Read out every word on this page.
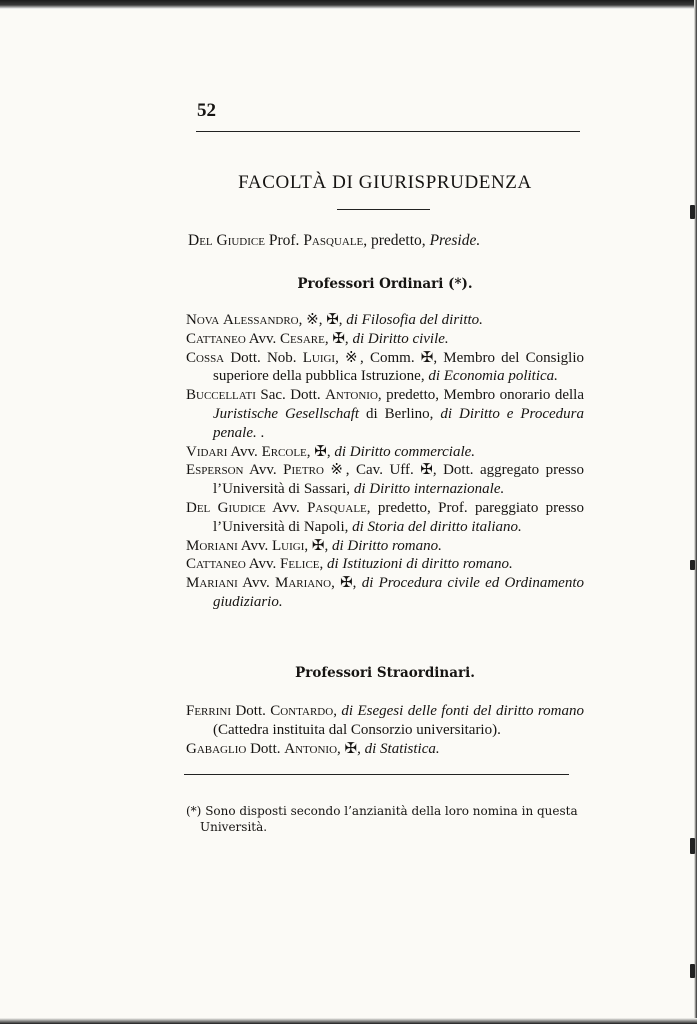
52
FACOLTÀ DI GIURISPRUDENZA
Del Giudice Prof. Pasquale, predetto, Preside.
Professori Ordinari (*).
Nova Alessandro, ※, ✠, di Filosofia del diritto.
Cattaneo Avv. Cesare, ✠, di Diritto civile.
Cossa Dott. Nob. Luigi, ※, Comm. ✠, Membro del Consiglio superiore della pubblica Istruzione, di Economia politica.
Buccellati Sac. Dott. Antonio, predetto, Membro onorario della Juristische Gesellschaft di Berlino, di Diritto e Procedura penale. .
Vidari Avv. Ercole, ✠, di Diritto commerciale.
Esperson Avv. Pietro ※, Cav. Uff. ✠, Dott. aggregato presso l’Università di Sassari, di Diritto internazionale.
Del Giudice Avv. Pasquale, predetto, Prof. pareggiato presso l’Università di Napoli, di Storia del diritto italiano.
Moriani Avv. Luigi, ✠, di Diritto romano.
Cattaneo Avv. Felice, di Istituzioni di diritto romano.
Mariani Avv. Mariano, ✠, di Procedura civile ed Ordinamento giudiziario.
Professori Straordinari.
Ferrini Dott. Contardo, di Esegesi delle fonti del diritto romano (Cattedra instituita dal Consorzio universitario).
Gabaglio Dott. Antonio, ✠, di Statistica.
(*) Sono disposti secondo l’anzianità della loro nomina in questa Università.
